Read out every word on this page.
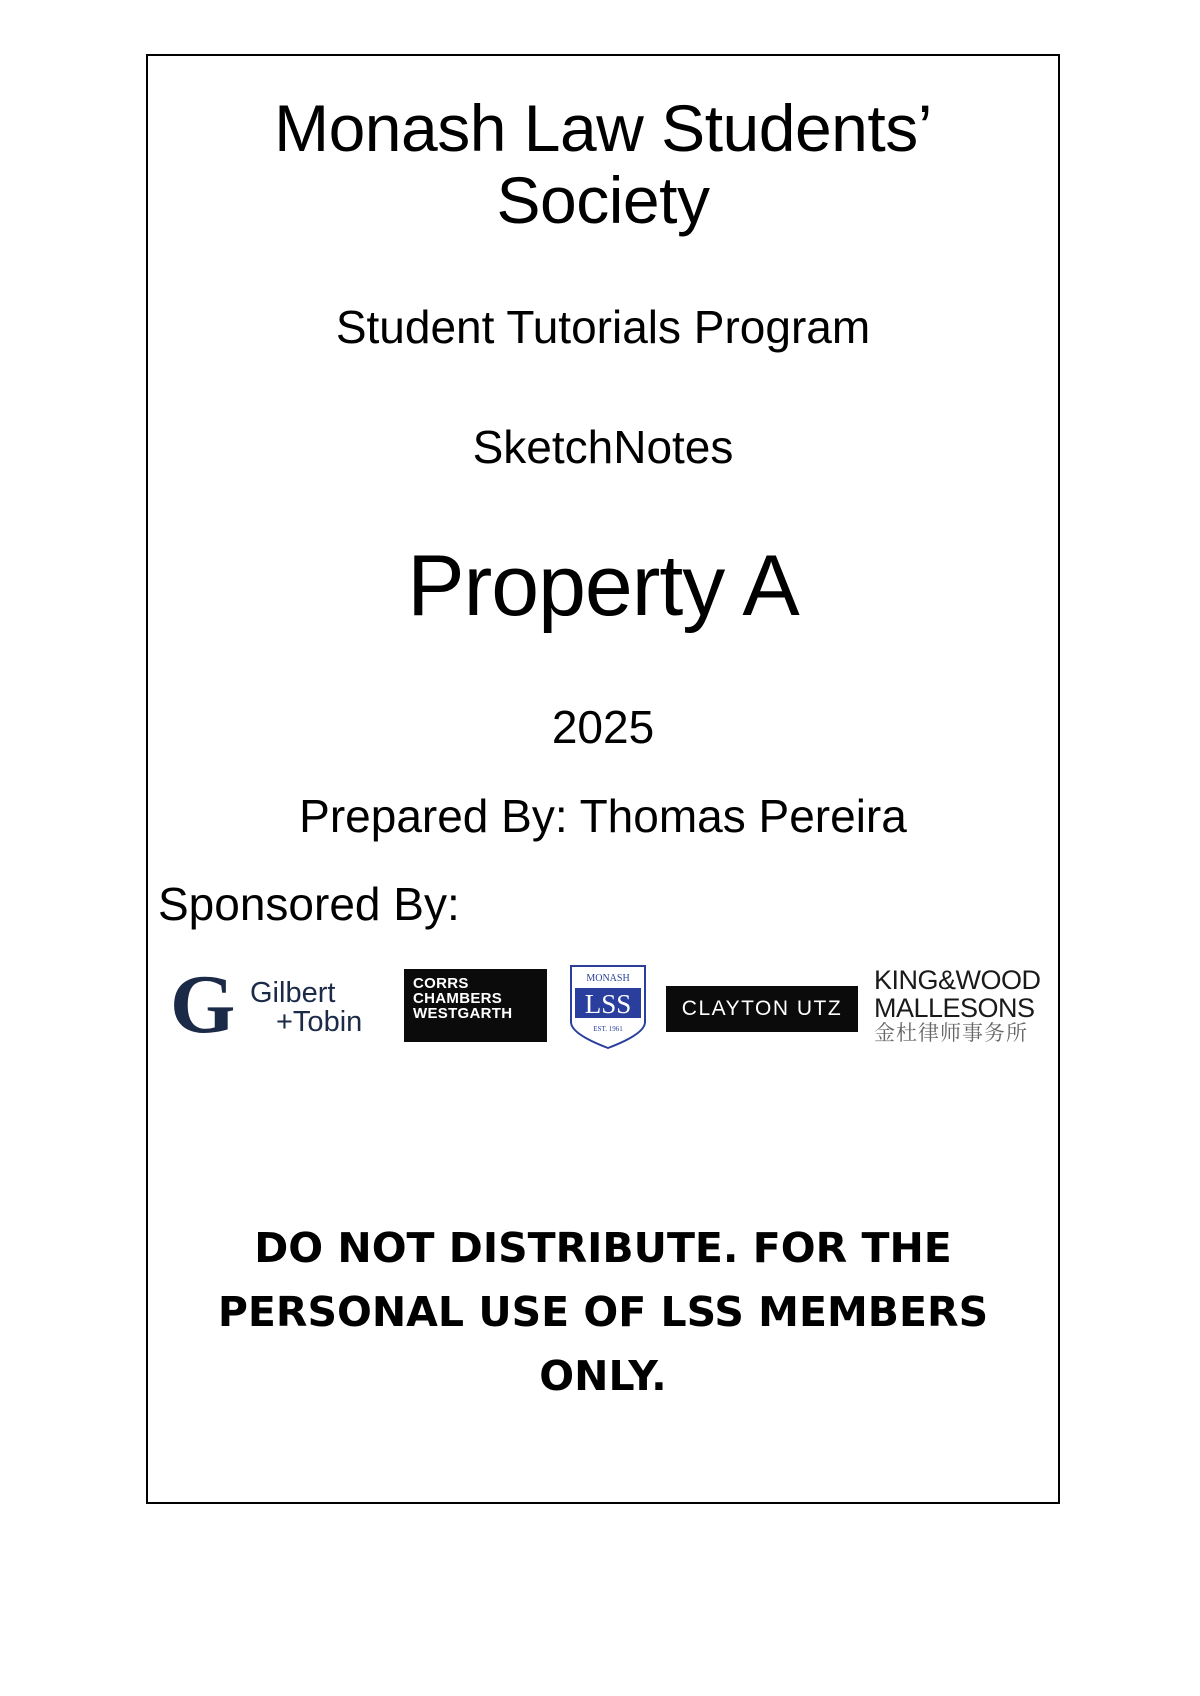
Monash Law Students’
Society
Student Tutorials Program
SketchNotes
Property A
2025
Prepared By: Thomas Pereira
Sponsored By:
G Gilbert
+Tobin
CORRS
CHAMBERS
WESTGARTH
MONASH
LSS
EST. 1961
CLAYTON UTZ
KING&WOOD
MALLESONS
金杜律师事务所
DO NOT DISTRIBUTE. FOR THE
PERSONAL USE OF LSS MEMBERS
ONLY.
